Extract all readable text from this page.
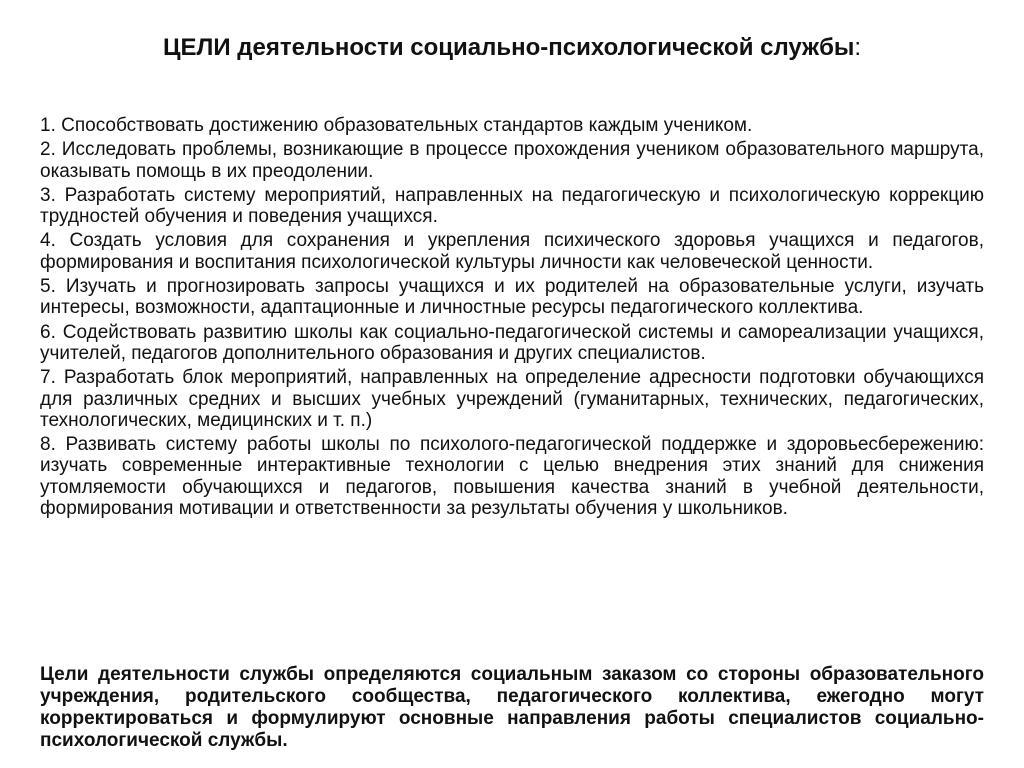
ЦЕЛИ деятельности социально-психологической службы:
1. Способствовать достижению образовательных стандартов каждым учеником.
2. Исследовать проблемы, возникающие в процессе прохождения учеником образовательного маршрута, оказывать помощь в их преодолении.
3. Разработать систему мероприятий, направленных на педагогическую и психологическую коррекцию трудностей обучения и поведения учащихся.
4. Создать условия для сохранения и укрепления психического здоровья учащихся и педагогов, формирования и воспитания психологической культуры личности как человеческой ценности.
5. Изучать и прогнозировать запросы учащихся и их родителей на образовательные услуги, изучать интересы, возможности, адаптационные и личностные ресурсы педагогического коллектива.
6. Содействовать развитию школы как социально-педагогической системы и самореализации учащихся, учителей, педагогов дополнительного образования и других специалистов.
7. Разработать блок мероприятий, направленных на определение адресности подготовки обучающихся для различных средних и высших учебных учреждений (гуманитарных, технических, педагогических, технологических, медицинских и т. п.)
8. Развивать систему работы школы по психолого-педагогической поддержке и здоровьесбережению: изучать современные интерактивные технологии с целью внедрения этих знаний для снижения утомляемости обучающихся и педагогов, повышения качества знаний в учебной деятельности, формирования мотивации и ответственности за результаты обучения у школьников.

Цели деятельности службы определяются социальным заказом со стороны образовательного учреждения, родительского сообщества, педагогического коллектива, ежегодно могут корректироваться и формулируют основные направления работы специалистов социально-психологической службы.
